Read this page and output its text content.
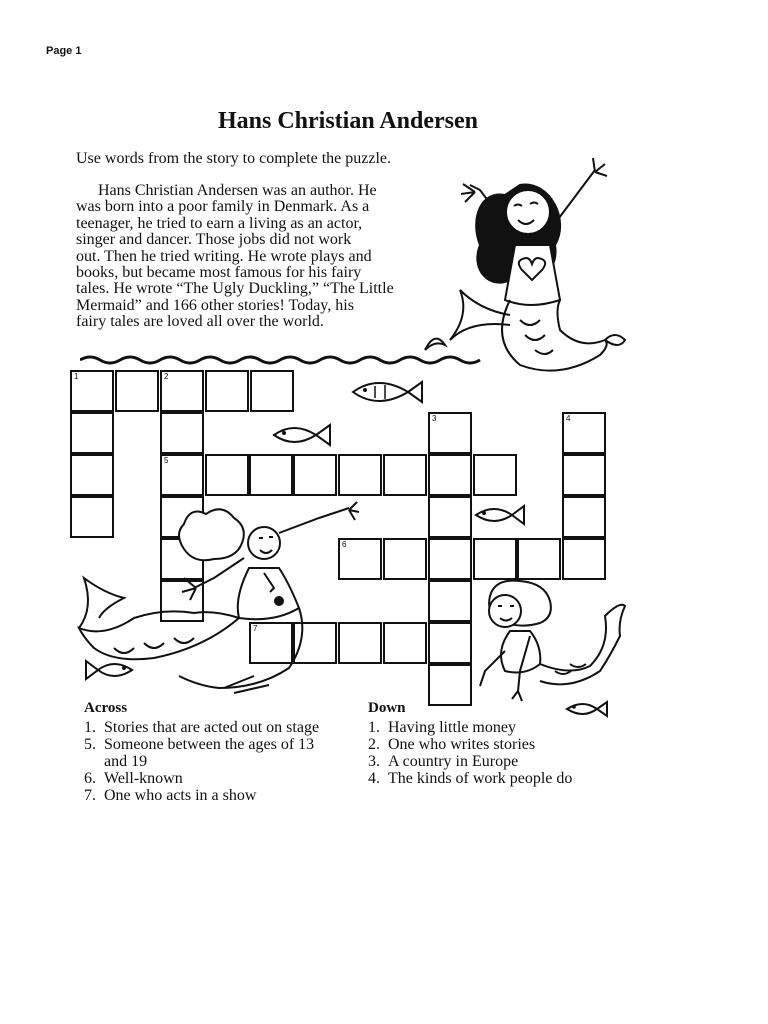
Page 1
Hans Christian Andersen
Use words from the story to complete the puzzle.
Hans Christian Andersen was an author. He
was born into a poor family in Denmark. As a
teenager, he tried to earn a living as an actor,
singer and dancer. Those jobs did not work
out. Then he tried writing. He wrote plays and
books, but became most famous for his fairy
tales. He wrote “The Ugly Duckling,” “The Little
Mermaid” and 166 other stories! Today, his
fairy tales are loved all over the world.
1	2
3	4
5
6
7
Across
1. Stories that are acted out on stage
5. Someone between the ages of 13 and 19
6. Well-known
7. One who acts in a show
Down
1. Having little money
2. One who writes stories
3. A country in Europe
4. The kinds of work people do
